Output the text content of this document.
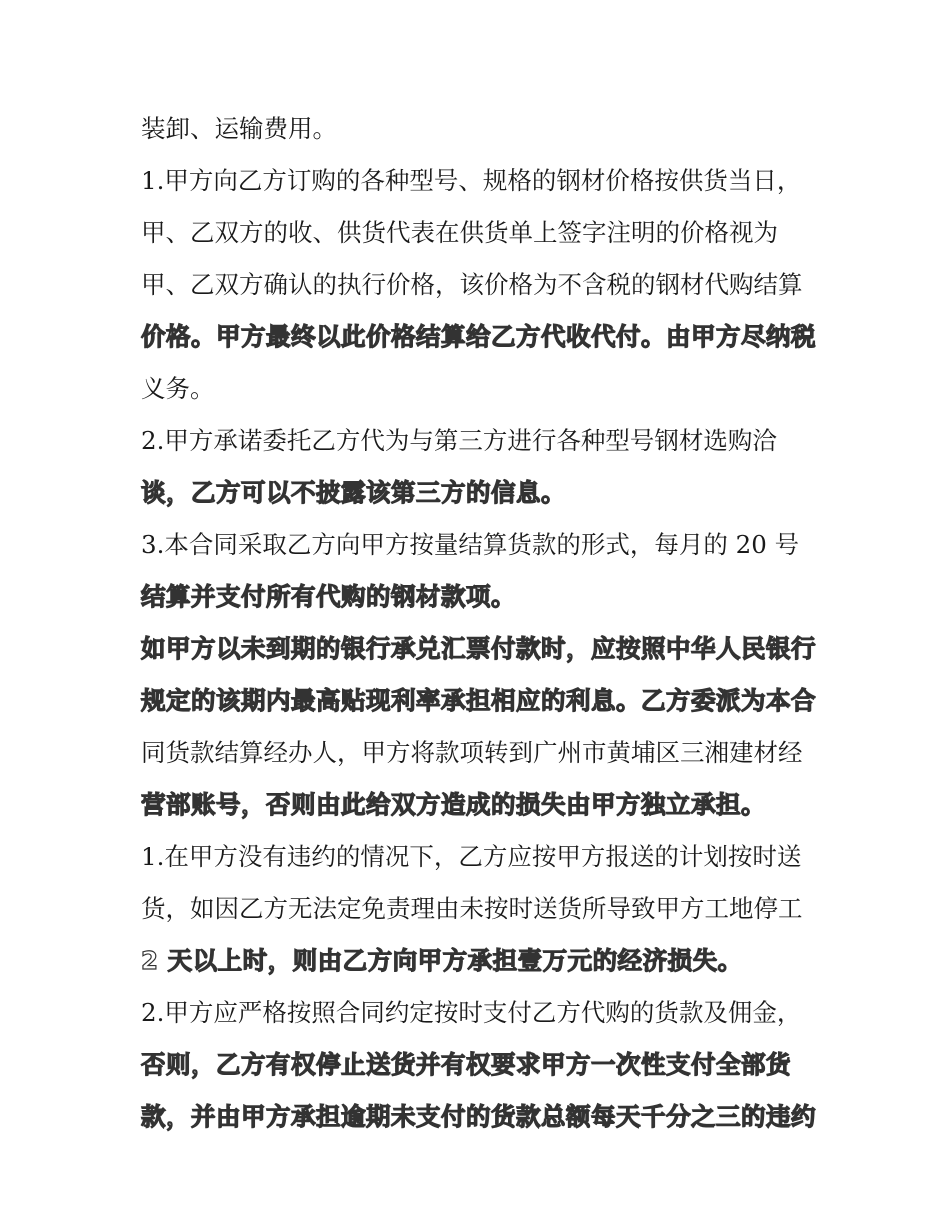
装卸、运输费用。
1.甲方向乙方订购的各种型号、规格的钢材价格按供货当日，
甲、乙双方的收、供货代表在供货单上签字注明的价格视为
甲、乙双方确认的执行价格，该价格为不含税的钢材代购结算
价格。甲方最终以此价格结算给乙方代收代付。由甲方尽纳税
义务。
2.甲方承诺委托乙方代为与第三方进行各种型号钢材选购洽
谈，乙方可以不披露该第三方的信息。
3.本合同采取乙方向甲方按量结算货款的形式，每月的 20 号
结算并支付所有代购的钢材款项。
如甲方以未到期的银行承兑汇票付款时，应按照中华人民银行
规定的该期内最高贴现利率承担相应的利息。乙方委派为本合
同货款结算经办人，甲方将款项转到广州市黄埔区三湘建材经
营部账号，否则由此给双方造成的损失由甲方独立承担。
1.在甲方没有违约的情况下，乙方应按甲方报送的计划按时送
货，如因乙方无法定免责理由未按时送货所导致甲方工地停工
2 天以上时，则由乙方向甲方承担壹万元的经济损失。
2.甲方应严格按照合同约定按时支付乙方代购的货款及佣金，
否则，乙方有权停止送货并有权要求甲方一次性支付全部货
款，并由甲方承担逾期未支付的货款总额每天千分之三的违约
